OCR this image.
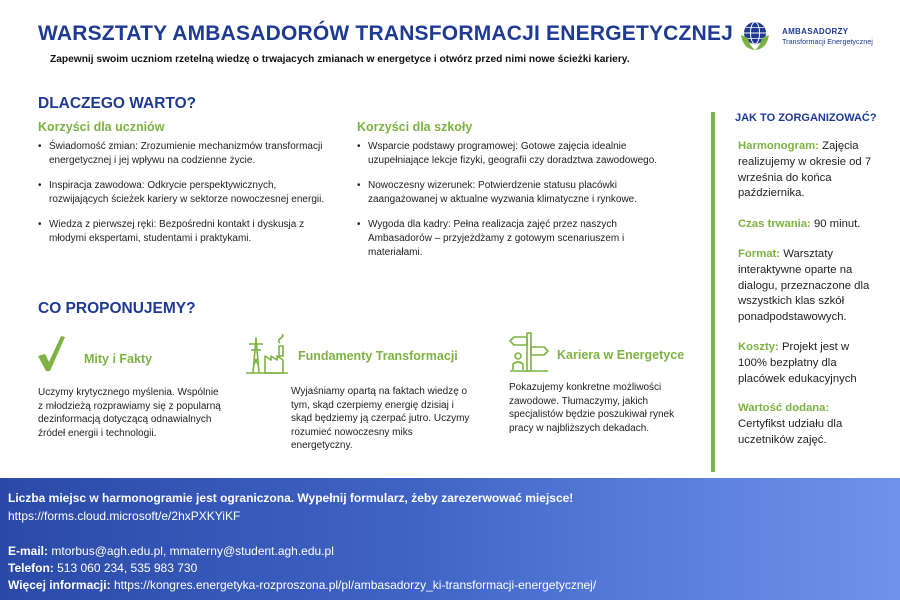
WARSZTATY AMBASADORÓW TRANSFORMACJI ENERGETYCZNEJ
Zapewnij swoim uczniom rzetelną wiedzę o trwajacych zmianach w energetyce i otwórz przed nimi nowe ścieżki kariery.
AMBASADORZY
Transformacji Energetycznej
DLACZEGO WARTO?
Korzyści dla uczniów
• Świadomość zmian: Zrozumienie mechanizmów transformacji energetycznej i jej wpływu na codzienne życie.
• Inspiracja zawodowa: Odkrycie perspektywicznych, rozwijających ścieżek kariery w sektorze nowoczesnej energii.
• Wiedza z pierwszej ręki: Bezpośredni kontakt i dyskusja z młodymi ekspertami, studentami i praktykami.
Korzyści dla szkoły
• Wsparcie podstawy programowej: Gotowe zajęcia idealnie uzupełniające lekcje fizyki, geografii czy doradztwa zawodowego.
• Nowoczesny wizerunek: Potwierdzenie statusu placówki zaangażowanej w aktualne wyzwania klimatyczne i rynkowe.
• Wygoda dla kadry: Pełna realizacja zajęć przez naszych Ambasadorów – przyjeżdżamy z gotowym scenariuszem i materiałami.
CO PROPONUJEMY?
Mity i Fakty
Uczymy krytycznego myślenia. Wspólnie z młodzieżą rozprawiamy się z popularną dezinformacją dotyczącą odnawialnych źródeł energii i technologii.
Fundamenty Transformacji
Wyjaśniamy opartą na faktach wiedzę o tym, skąd czerpiemy energię dzisiaj i skąd będziemy ją czerpać jutro. Uczymy rozumieć nowoczesny miks energetyczny.
Kariera w Energetyce
Pokazujemy konkretne możliwości zawodowe. Tłumaczymy, jakich specjalistów będzie poszukiwał rynek pracy w najbliższych dekadach.
JAK TO ZORGANIZOWAĆ?
Harmonogram: Zajęcia realizujemy w okresie od 7 września do końca października.
Czas trwania: 90 minut.
Format: Warsztaty interaktywne oparte na dialogu, przeznaczone dla wszystkich klas szkół ponadpodstawowych.
Koszty: Projekt jest w 100% bezpłatny dla placówek edukacyjnych
Wartość dodana: Certyfikst udziału dla uczetników zajęć.
Liczba miejsc w harmonogramie jest ograniczona. Wypełnij formularz, żeby zarezerwować miejsce!
https://forms.cloud.microsoft/e/2hxPXKYiKF
E-mail: mtorbus@agh.edu.pl, mmaterny@student.agh.edu.pl
Telefon: 513 060 234, 535 983 730
Więcej informacji: https://kongres.energetyka-rozproszona.pl/pl/ambasadorzy_ki-transformacji-energetycznej/
